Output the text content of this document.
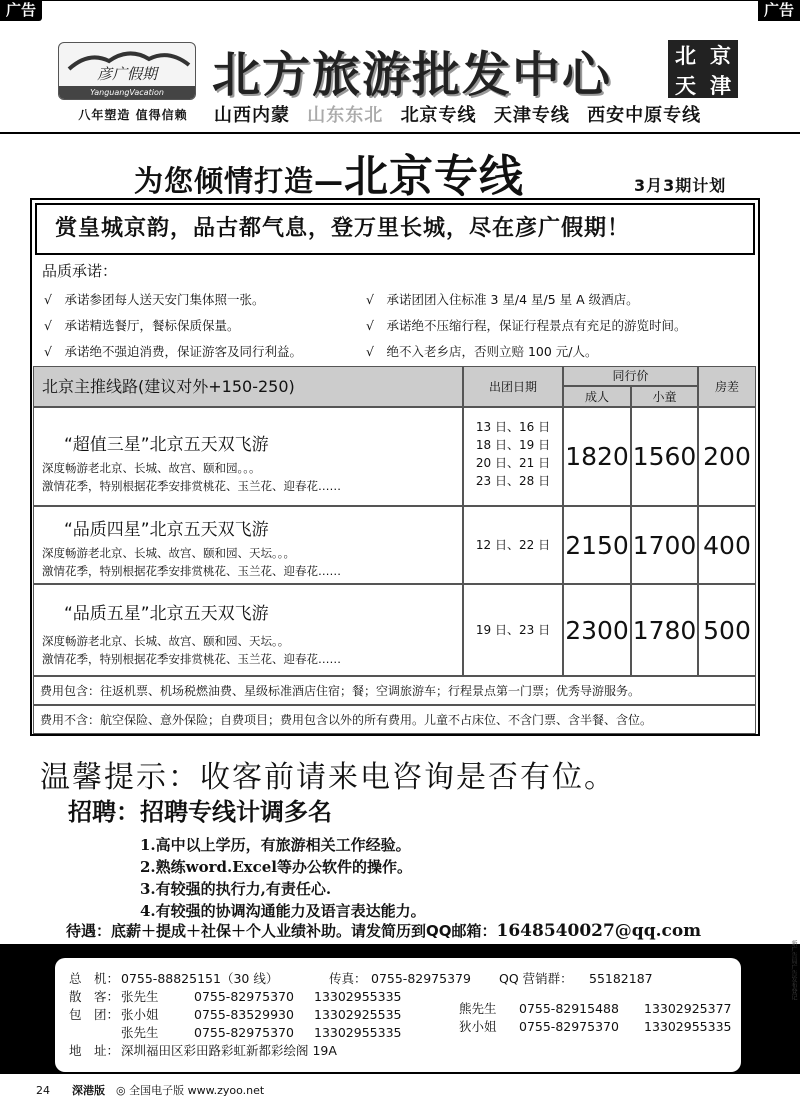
广告	广告
彦广假期
YanguangVacation
八年塑造 值得信赖
北方旅游批发中心	北 京
天 津
山西内蒙 山东东北 北京专线 天津专线 西安中原专线
为您倾情打造—北京专线	3月3期计划
赏皇城京韵，品古都气息，登万里长城，尽在彦广假期！
品质承诺：
√　 承诺参团每人送天安门集体照一张。
√　 承诺精选餐厅，餐标保质保量。
√　 承诺绝不强迫消费，保证游客及同行利益。
√　 承诺团团入住标准 3 星/4 星/5 星 A 级酒店。
√　 承诺绝不压缩行程，保证行程景点有充足的游览时间。
√　 绝不入老乡店，否则立赔 100 元/人。
北京主推线路(建议对外+150-250)	出团日期
同行价
成人	小童
房差
“超值三星”北京五天双飞游
深度畅游老北京、长城、故宫、颐和园。。。
激情花季，特别根据花季安排赏桃花、玉兰花、迎春花……
13 日、16 日
18 日、19 日
20 日、21 日
23 日、28 日
1820 1560 200
“品质四星”北京五天双飞游
深度畅游老北京、长城、故宫、颐和园、天坛。。。
激情花季，特别根据花季安排赏桃花、玉兰花、迎春花……
12 日、22 日 2150 1700 400
“品质五星”北京五天双飞游
深度畅游老北京、长城、故宫、颐和园、天坛。。
激情花季，特别根据花季安排赏桃花、玉兰花、迎春花……
19 日、23 日 2300 1780 500
费用包含：往返机票、机场税燃油费、星级标准酒店住宿；餐；空调旅游车；行程景点第一门票；优秀导游服务。
费用不含：航空保险、意外保险；自费项目；费用包含以外的所有费用。儿童不占床位、不含门票、含半餐、含位。
温馨提示：收客前请来电咨询是否有位。
招聘：招聘专线计调多名
1.高中以上学历，有旅游相关工作经验。
2.熟练word.Excel等办公软件的操作。
3.有较强的执行力,有责任心.
4.有较强的协调沟通能力及语言表达能力。
待遇：底薪＋提成＋社保＋个人业绩补助。请发简历到QQ邮箱：1648540027@qq.com
总　机： 0755-88825151（30 线）	传真： 0755-82975379 QQ 营销群： 55182187
散　客： 张先生	0755-82975370 13302955335
包　团： 张小姐	0755-83529930 13302925535	熊先生 0755-82915488 13302925377
张先生	0755-82975370 13302955335	狄小姐 0755-82975370 13302955335
地　址： 深圳福田区彩田路彩虹新都彩绘阁 19A
24　　 深港版　 ◎ 全国电子版 www.zyoo.net
新广告局广告发布登记
